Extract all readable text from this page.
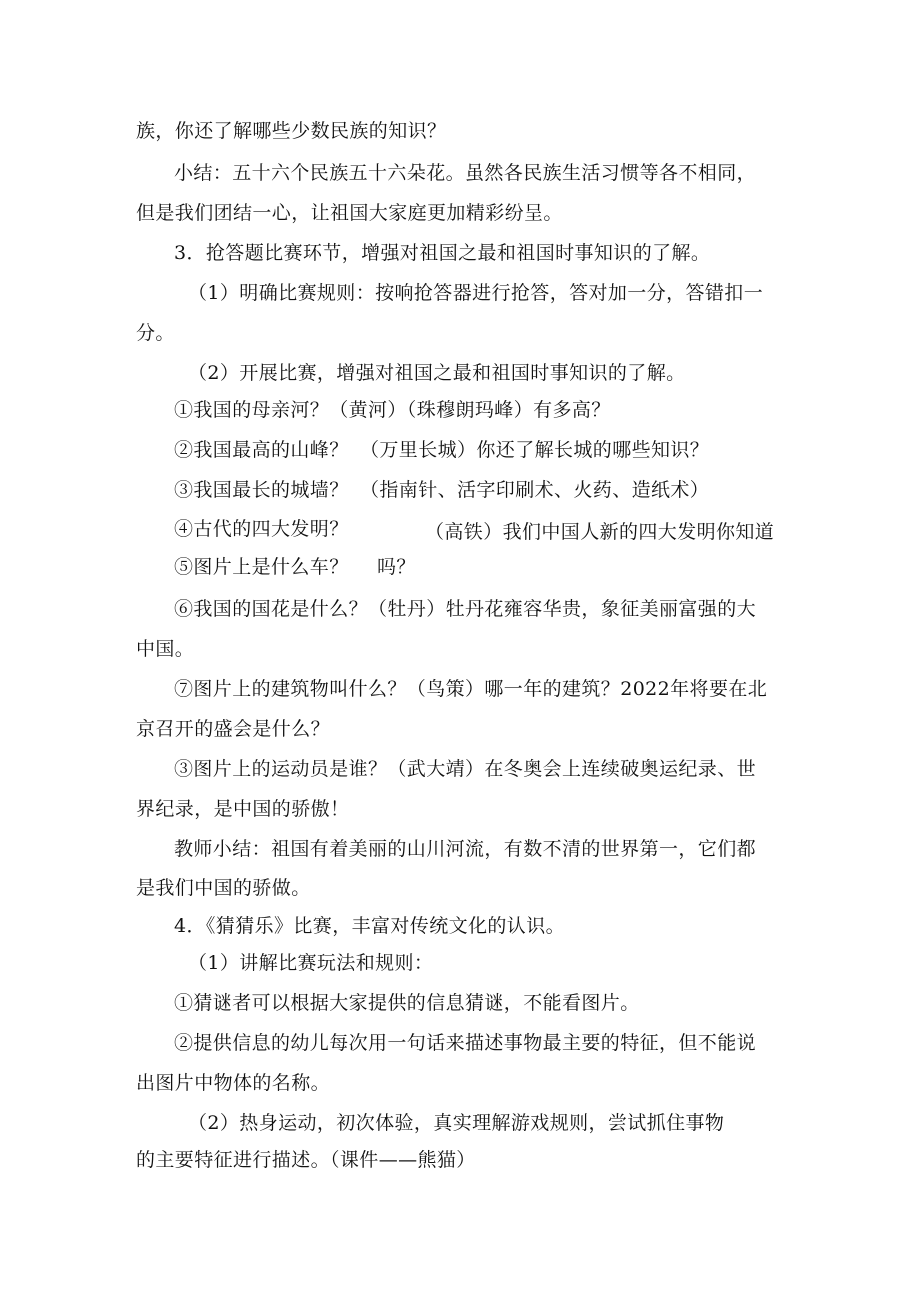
族，你还了解哪些少数民族的知识？
小结：五十六个民族五十六朵花。虽然各民族生活习惯等各不相同，
但是我们团结一心，让祖国大家庭更加精彩纷呈。
3．抢答题比赛环节，增强对祖国之最和祖国时事知识的了解。
（1）明确比赛规则：按响抢答器进行抢答，答对加一分，答错扣一
分。
（2）开展比赛，增强对祖国之最和祖国时事知识的了解。
①我国的母亲河？（黄河）（珠穆朗玛峰）有多高？
②我国最高的山峰？ （万里长城）你还了解长城的哪些知识？
③我国最长的城墙？ （指南针、活字印刷术、火药、造纸术）
④古代的四大发明？	（高铁）我们中国人新的四大发明你知道
⑤图片上是什么车？ 吗？
⑥我国的国花是什么？（牡丹）牡丹花雍容华贵，象征美丽富强的大
中国。
⑦图片上的建筑物叫什么？（鸟策）哪一年的建筑？2022年将要在北
京召开的盛会是什么？
③图片上的运动员是谁？（武大靖）在冬奥会上连续破奥运纪录、世
界纪录，是中国的骄傲！
教师小结：祖国有着美丽的山川河流，有数不清的世界第一，它们都
是我们中国的骄做。
4．《猜猜乐》比赛，丰富对传统文化的认识。
（1）讲解比赛玩法和规则：
①猜谜者可以根据大家提供的信息猜谜，不能看图片。
②提供信息的幼儿每次用一句话来描述事物最主要的特征，但不能说
出图片中物体的名称。
（2）热身运动，初次体验，真实理解游戏规则，尝试抓住事物
的主要特征进行描述。（课件——熊猫）
